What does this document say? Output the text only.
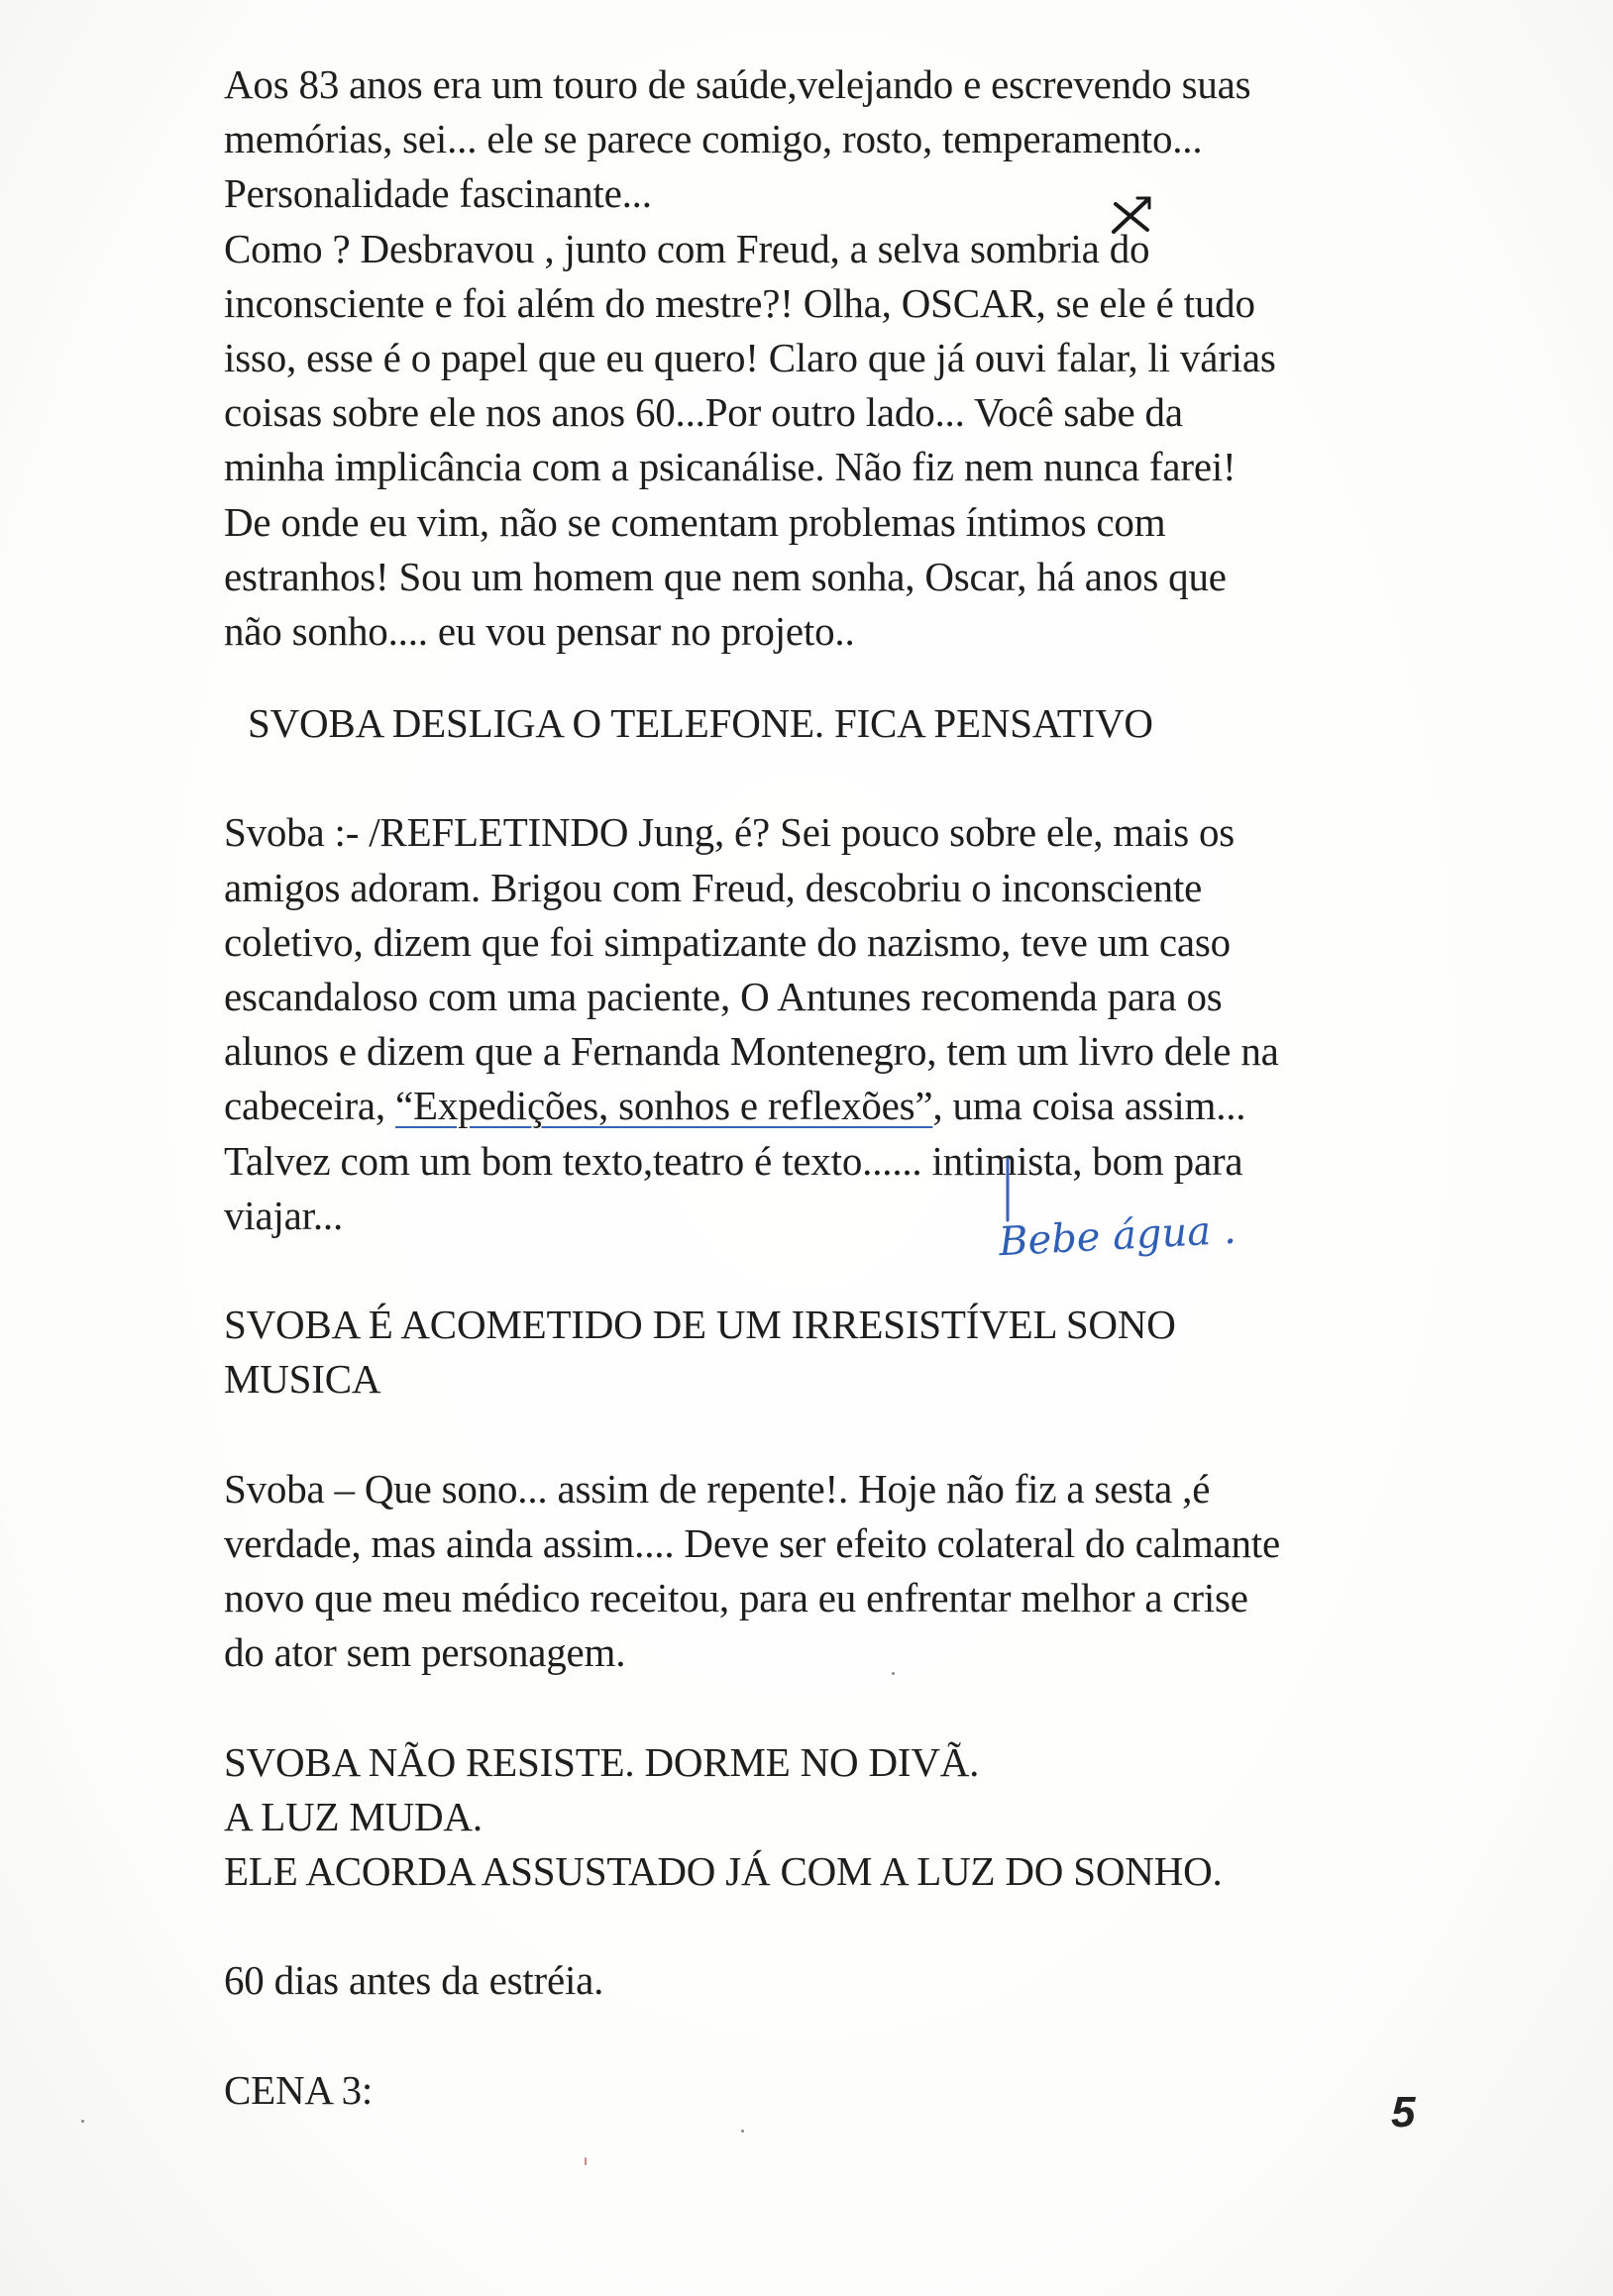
Aos 83 anos era um touro de saúde,velejando e escrevendo suas
memórias, sei... ele se parece comigo, rosto, temperamento...
Personalidade fascinante...
Como ? Desbravou , junto com Freud, a selva sombria do
inconsciente e foi além do mestre?! Olha, OSCAR, se ele é tudo
isso, esse é o papel que eu quero! Claro que já ouvi falar, li várias
coisas sobre ele nos anos 60...Por outro lado... Você sabe da
minha implicância com a psicanálise. Não fiz nem nunca farei!
De onde eu vim, não se comentam problemas íntimos com
estranhos! Sou um homem que nem sonha, Oscar, há anos que
não sonho.... eu vou pensar no projeto..
SVOBA DESLIGA O TELEFONE. FICA PENSATIVO
Svoba :- /REFLETINDO Jung, é? Sei pouco sobre ele, mais os
amigos adoram. Brigou com Freud, descobriu o inconsciente
coletivo, dizem que foi simpatizante do nazismo, teve um caso
escandaloso com uma paciente, O Antunes recomenda para os
alunos e dizem que a Fernanda Montenegro, tem um livro dele na
cabeceira, “Expedições, sonhos e reflexões”, uma coisa assim...
Talvez com um bom texto,teatro é texto...... intimista, bom para
viajar...
SVOBA É ACOMETIDO DE UM IRRESISTÍVEL SONO
MUSICA
Svoba – Que sono... assim de repente!. Hoje não fiz a sesta ,é
verdade, mas ainda assim.... Deve ser efeito colateral do calmante
novo que meu médico receitou, para eu enfrentar melhor a crise
do ator sem personagem.
SVOBA NÃO RESISTE. DORME NO DIVÃ.
A LUZ MUDA.
ELE ACORDA ASSUSTADO JÁ COM A LUZ DO SONHO.
60 dias antes da estréia.
CENA 3:
Bebe água .
5
